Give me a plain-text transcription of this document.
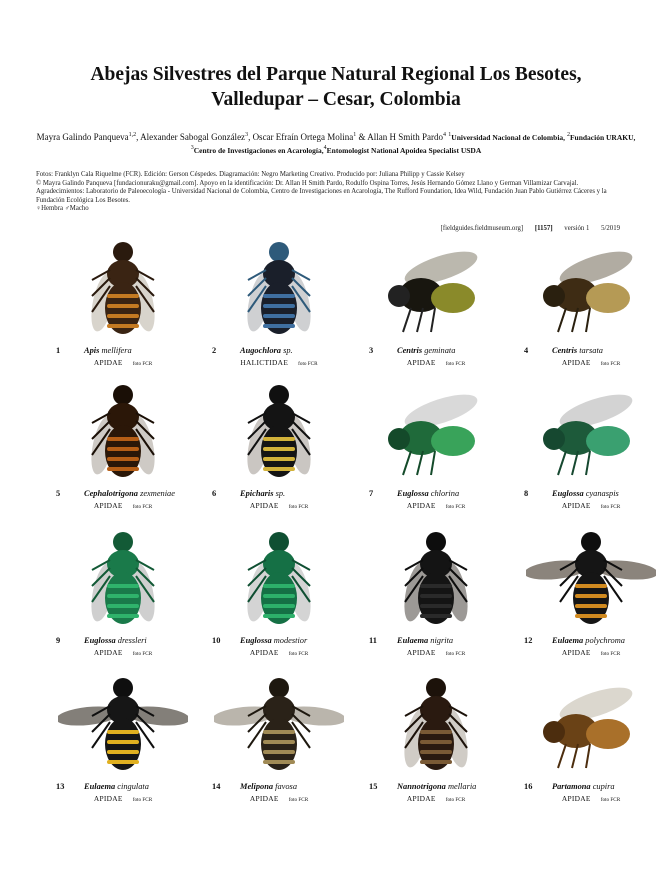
Abejas Silvestres del Parque Natural Regional Los Besotes,
Valledupar – Cesar, Colombia
Mayra Galindo Panqueva$^{1,2}$, Alexander Sabogal González$^3$, Oscar Efraín Ortega Molina$^1$ & Allan H Smith Pardo$^4$ $^1$Universidad Nacional de Colombia, $^2$Fundación URAKU, $^3$Centro de Investigaciones en Acarología,$^4$Entomologist National Apoidea Specialist USDA

Fotos: Franklyn Cala Riquelme (FCR). Edición: Gerson Céspedes. Diagramación: Negro Marketing Creativo. Producido por: Juliana Philipp y Cassie Kelsey

© Mayra Galindo Panqueva [fundacionuraku@gmail.com]. Apoyo en la identificación: Dr. Allan H Smith Pardo, Rodulfo Ospina Torres, Jesús Hernando Gómez Llano y German Villamizar Carvajal.

Agradecimientos: Laboratorio de Paleoecología - Universidad Nacional de Colombia, Centro de Investigaciones en Acarología, The Rufford Foundation, Idea Wild, Fundación Juan Pablo Gutiérrez Cáceres y la Fundación Ecológica Los Besotes.

♀Hembra ♂Macho

[fieldguides.fieldmuseum.org] [1157] versión 1 5/2019
1	Apis mellifera
APIDAE foto FCR
2	Augochlora sp.
HALICTIDAE foto FCR
3	Centris geminata
APIDAE foto FCR
4	Centris tarsata
APIDAE foto FCR
5	Cephalotrigona zexmeniae
APIDAE foto FCR
6	Epicharis sp.
APIDAE foto FCR
7	Euglossa chlorina
APIDAE foto FCR
8	Euglossa cyanaspis
APIDAE foto FCR
9	Euglossa dressleri
APIDAE foto FCR
10 Euglossa modestior
APIDAE foto FCR
11 Eulaema nigrita
APIDAE foto FCR
12 Eulaema polychroma
APIDAE foto FCR
13 Eulaema cingulata
APIDAE foto FCR
14 Melipona favosa
APIDAE foto FCR
15 Nannotrigona mellaria
APIDAE foto FCR
16 Partamona cupira
APIDAE foto FCR
